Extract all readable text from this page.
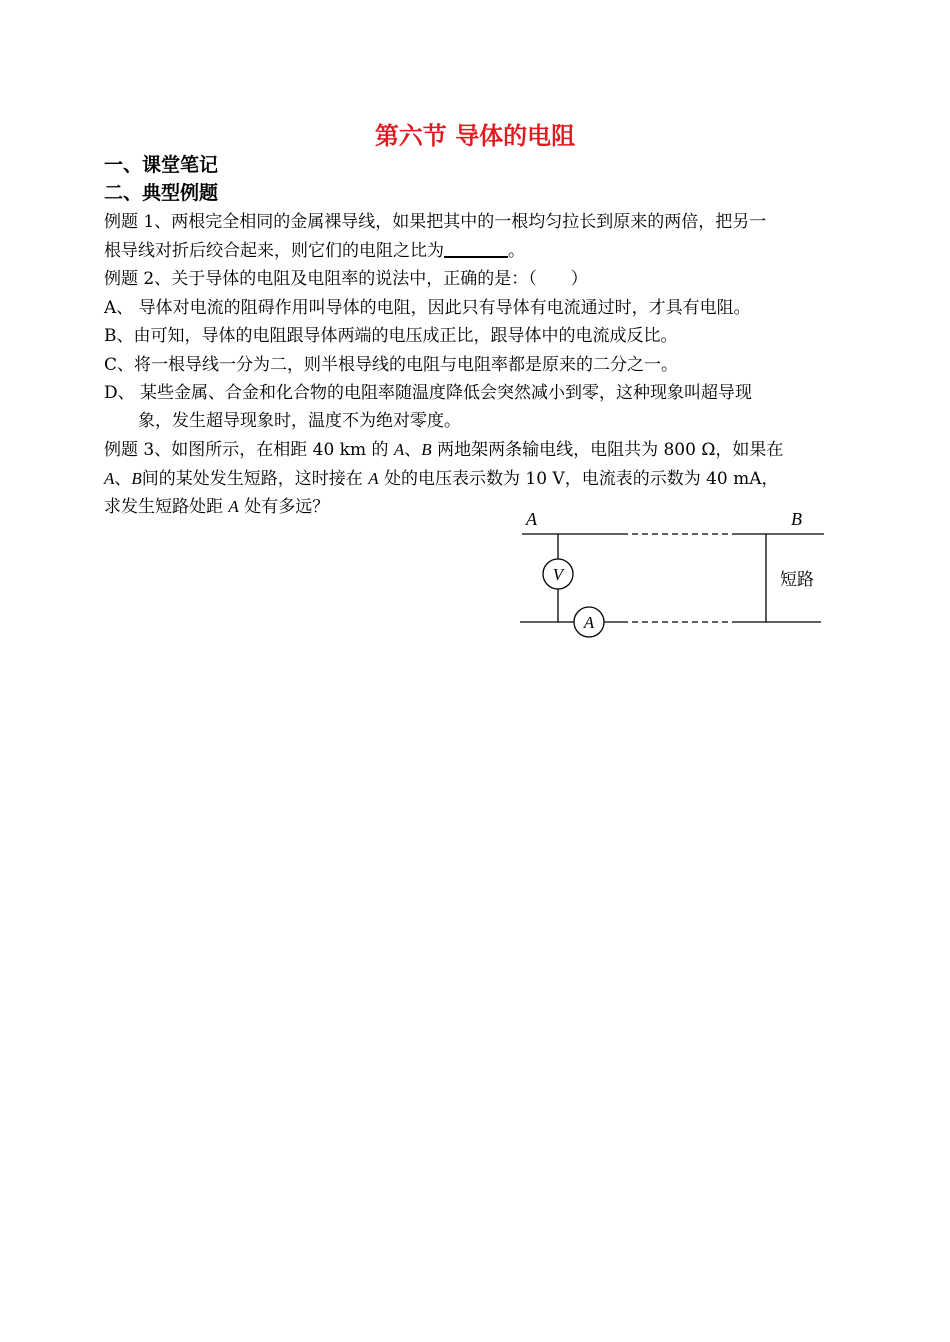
第六节 导体的电阻
一、课堂笔记
二、典型例题
例题 1、两根完全相同的金属裸导线，如果把其中的一根均匀拉长到原来的两倍，把另一
根导线对折后绞合起来，则它们的电阻之比为	。
例题 2、关于导体的电阻及电阻率的说法中，正确的是：（　　）
A、 导体对电流的阻碍作用叫导体的电阻，因此只有导体有电流通过时，才具有电阻。
B、由可知，导体的电阻跟导体两端的电压成正比，跟导体中的电流成反比。
C、将一根导线一分为二，则半根导线的电阻与电阻率都是原来的二分之一。
D、 某些金属、合金和化合物的电阻率随温度降低会突然减小到零，这种现象叫超导现
象，发生超导现象时，温度不为绝对零度。
例题 3、如图所示，在相距 40 km 的 A、B 两地架两条输电线，电阻共为 800 Ω，如果在
A、B间的某处发生短路，这时接在 A 处的电压表示数为 10 V，电流表的示数为 40 mA，
求发生短路处距 A 处有多远？
V
A
A	B
短路
